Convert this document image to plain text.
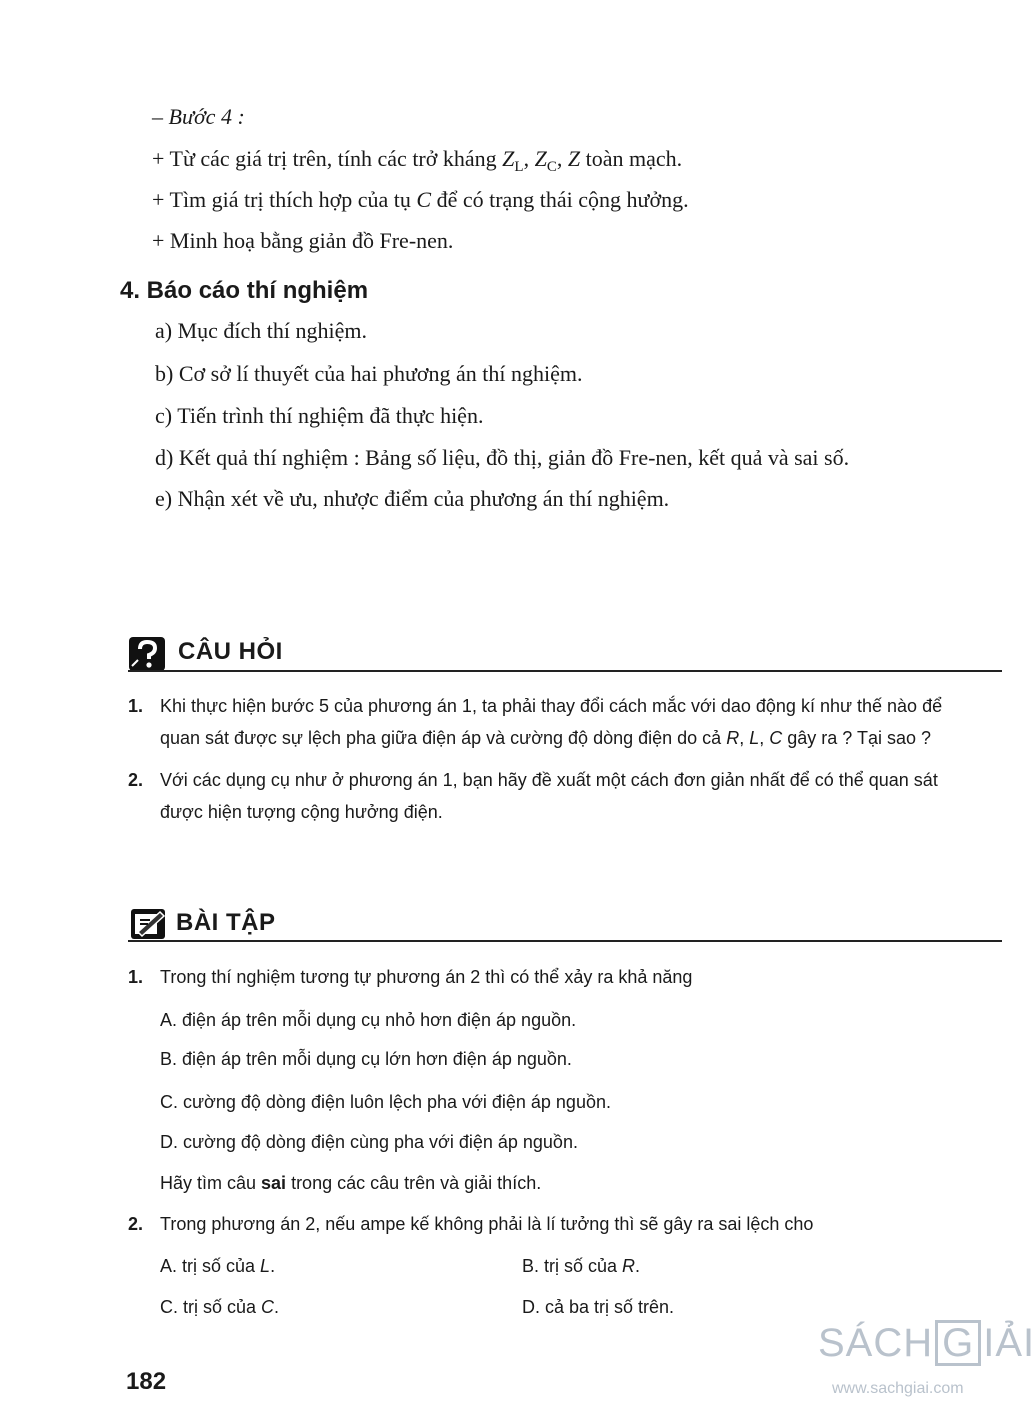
– Bước 4 :
+ Từ các giá trị trên, tính các trở kháng $Z_L$, $Z_C$, Z toàn mạch.
+ Tìm giá trị thích hợp của tụ C để có trạng thái cộng hưởng.
+ Minh hoạ bằng giản đồ Fre-nen.
4. Báo cáo thí nghiệm
a) Mục đích thí nghiệm.
b) Cơ sở lí thuyết của hai phương án thí nghiệm.
c) Tiến trình thí nghiệm đã thực hiện.
d) Kết quả thí nghiệm : Bảng số liệu, đồ thị, giản đồ Fre-nen, kết quả và sai số.
e) Nhận xét về ưu, nhược điểm của phương án thí nghiệm.
CÂU HỎI
1. Khi thực hiện bước 5 của phương án 1, ta phải thay đổi cách mắc với dao động kí như thế nào để
quan sát được sự lệch pha giữa điện áp và cường độ dòng điện do cả R, L, C gây ra ? Tại sao ?
2. Với các dụng cụ như ở phương án 1, bạn hãy đề xuất một cách đơn giản nhất để có thể quan sát
được hiện tượng cộng hưởng điện.
BÀI TẬP
1. Trong thí nghiệm tương tự phương án 2 thì có thể xảy ra khả năng
A. điện áp trên mỗi dụng cụ nhỏ hơn điện áp nguồn.
B. điện áp trên mỗi dụng cụ lớn hơn điện áp nguồn.
C. cường độ dòng điện luôn lệch pha với điện áp nguồn.
D. cường độ dòng điện cùng pha với điện áp nguồn.
Hãy tìm câu sai trong các câu trên và giải thích.
2. Trong phương án 2, nếu ampe kế không phải là lí tưởng thì sẽ gây ra sai lệch cho
A. trị số của L.	B. trị số của R.
C. trị số của C.	D. cả ba trị số trên.
182
SÁCH G IẢI
www.sachgiai.com
